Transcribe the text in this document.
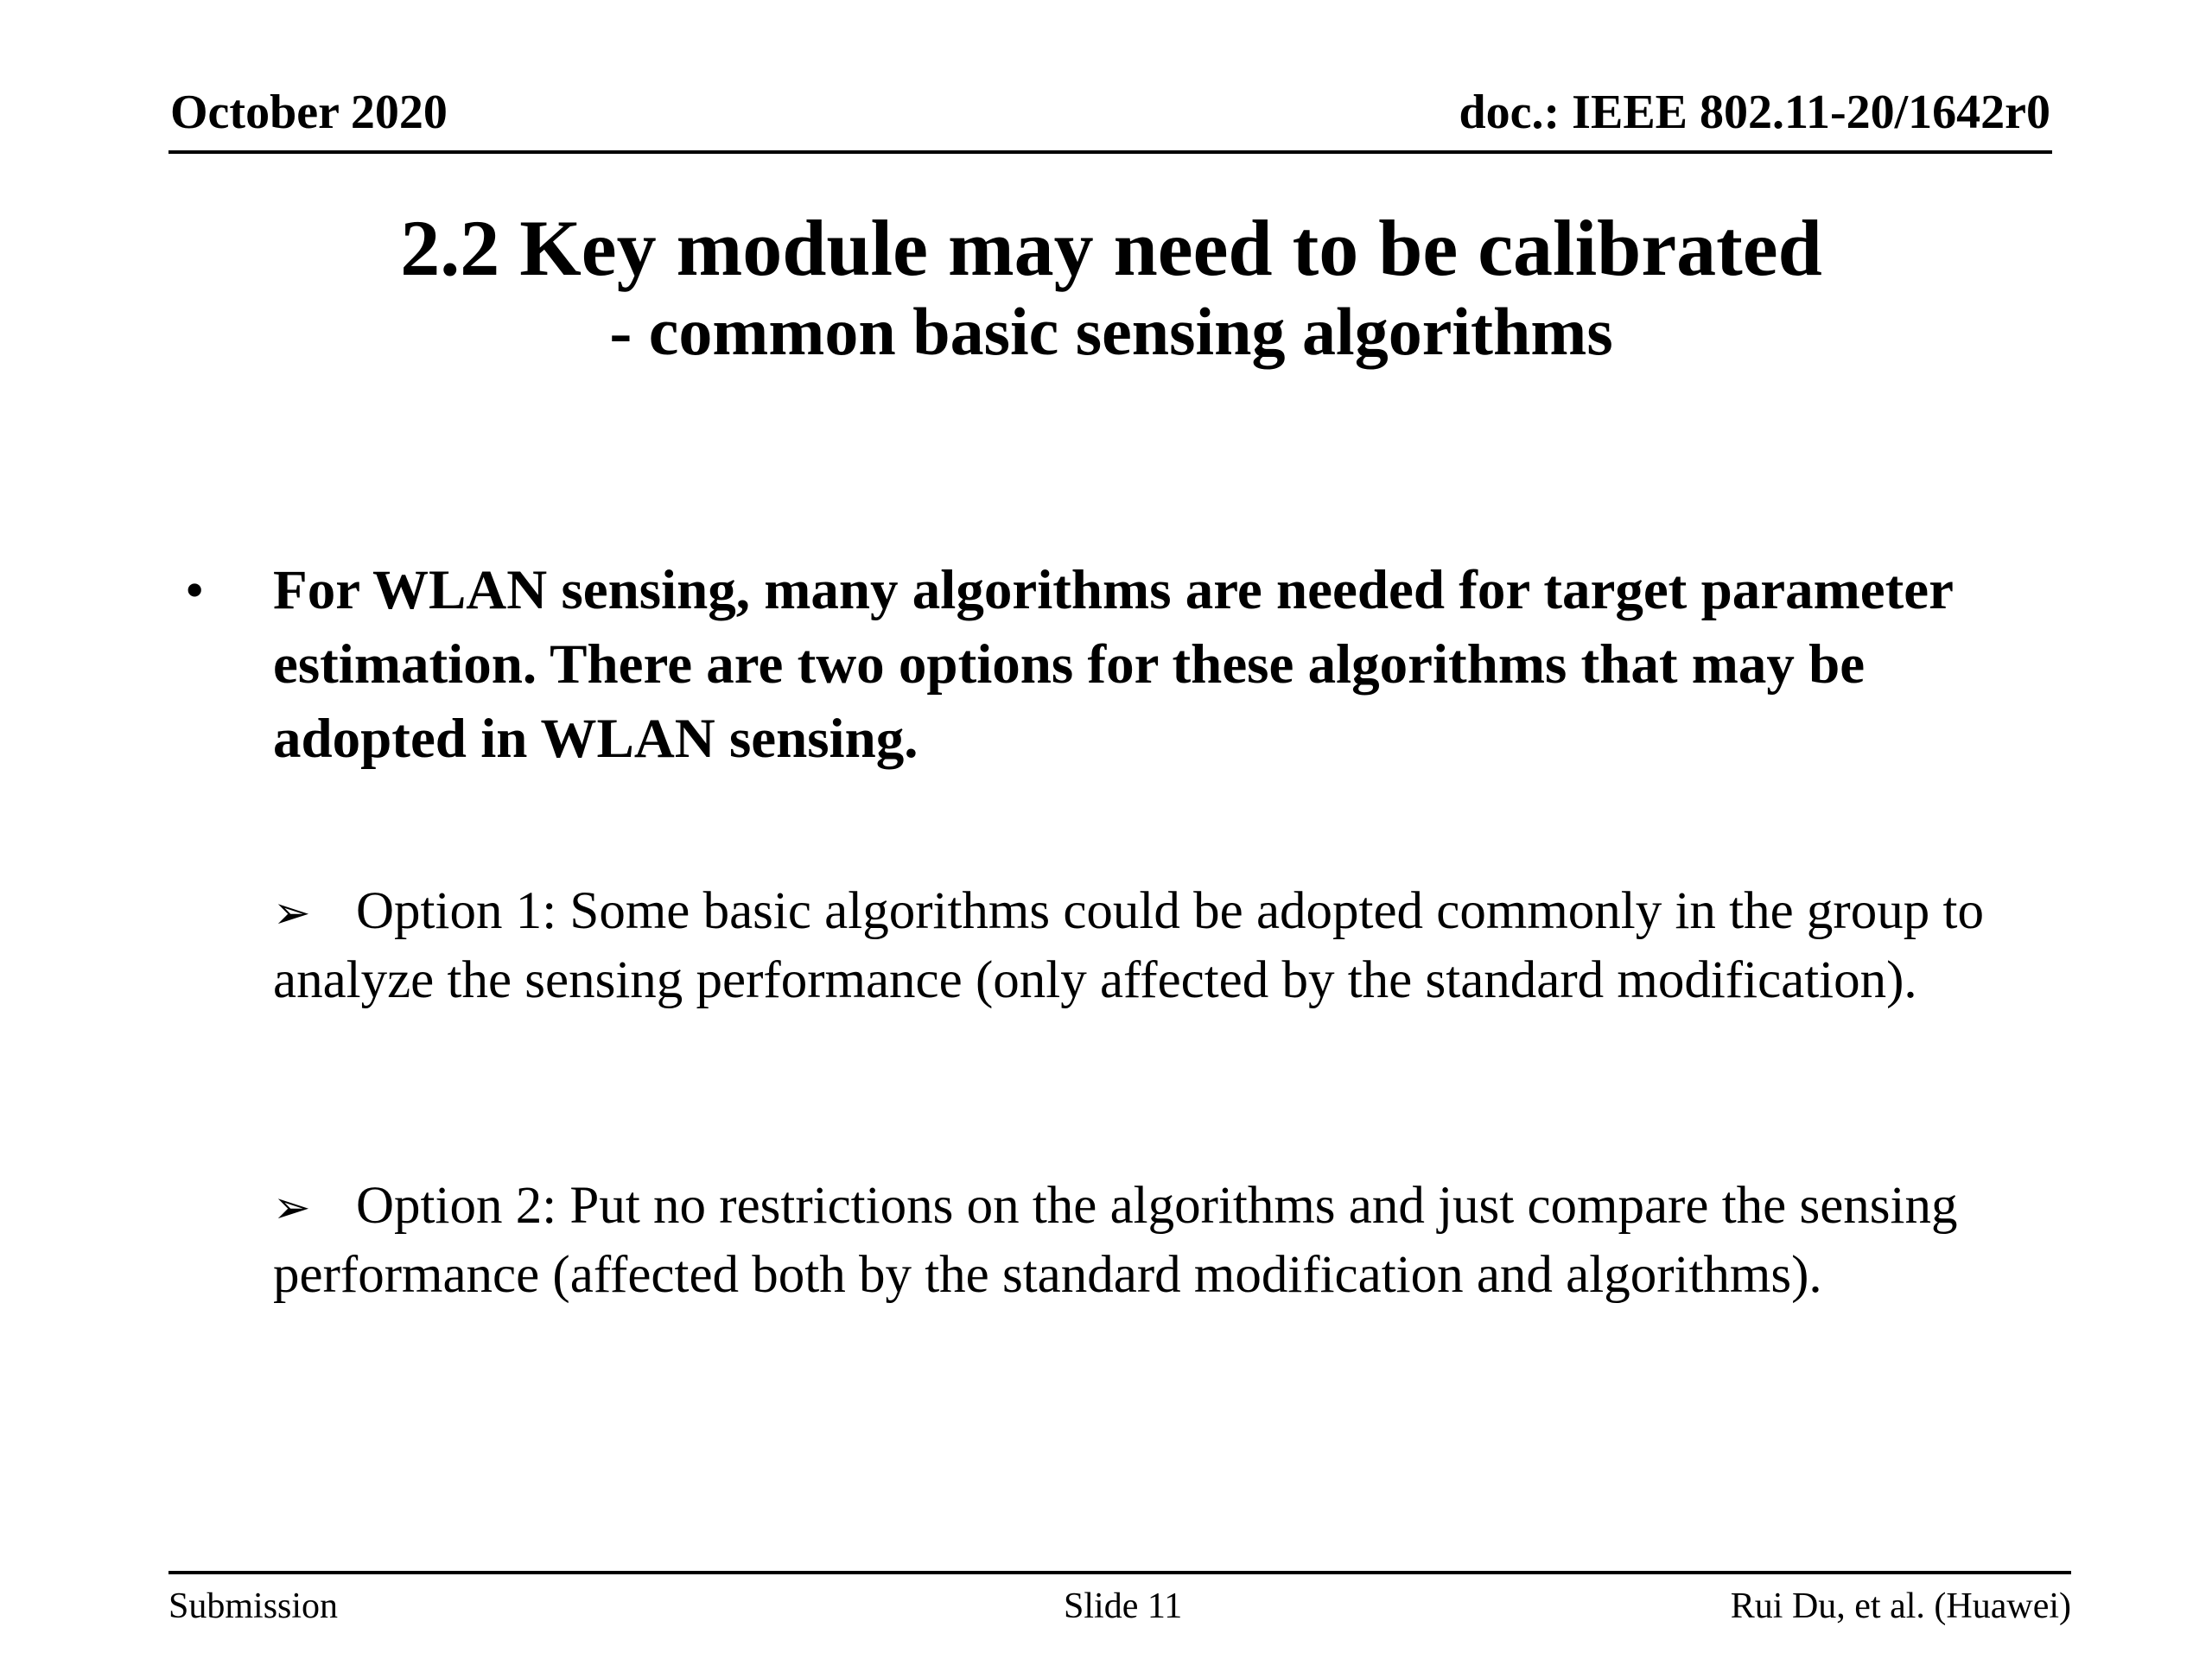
October 2020	doc.: IEEE 802.11-20/1642r0
2.2 Key module may need to be calibrated
- common basic sensing algorithms
• For WLAN sensing, many algorithms are needed for target parameter estimation. There are two options for these algorithms that may be adopted in WLAN sensing.
➢ Option 1: Some basic algorithms could be adopted commonly in the group to analyze the sensing performance (only affected by the standard modification).
➢ Option 2: Put no restrictions on the algorithms and just compare the sensing performance (affected both by the standard modification and algorithms).
Submission	Slide 11	Rui Du, et al. (Huawei)
